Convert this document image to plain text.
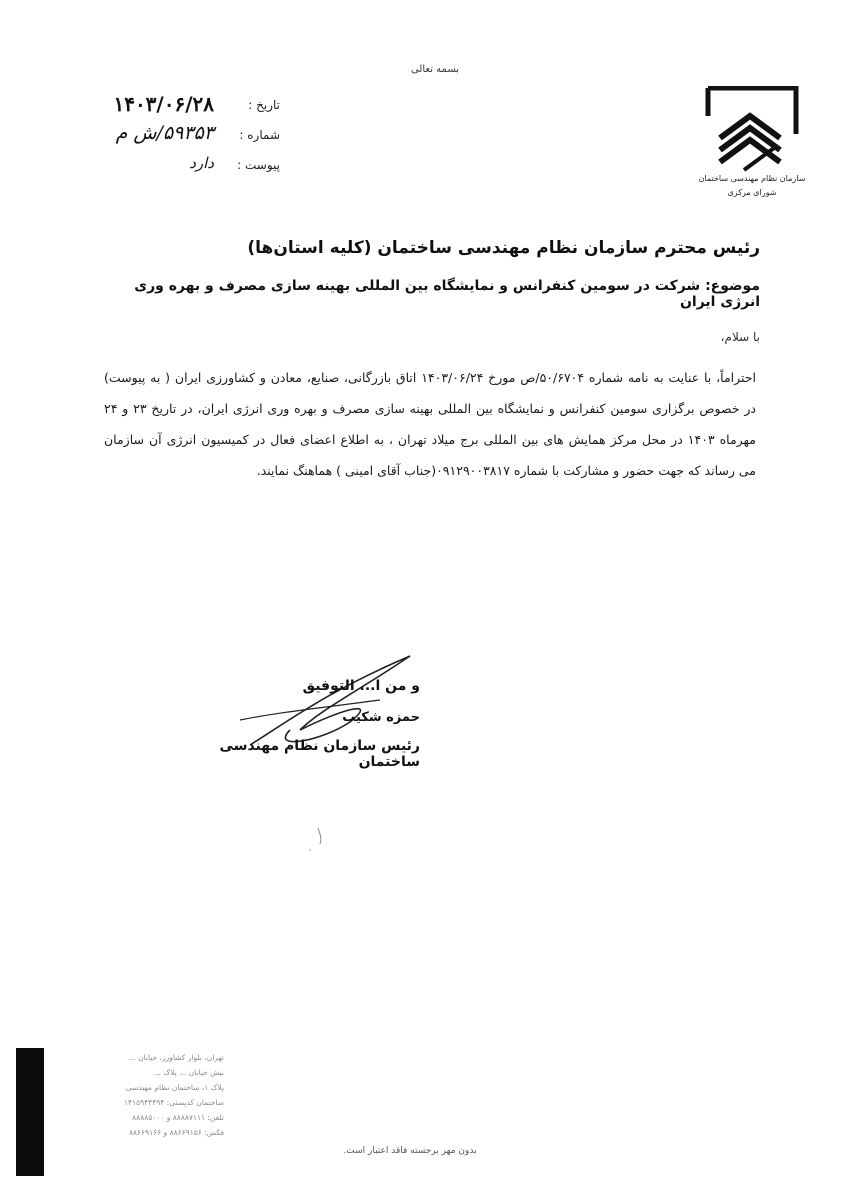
بسمه تعالی
سازمان نظام مهندسی ساختمان
شورای مرکزی
تاریخ :
۱۴۰۳/۰۶/۲۸
شماره :
۵۹۳۵۳/ش م
پیوست :
دارد
رئیس محترم سازمان نظام مهندسی ساختمان (کلیه استان‌ها)
موضوع: شرکت در سومین کنفرانس و نمایشگاه بین المللی بهینه سازی مصرف و بهره وری انرژی ایران
با سلام،
احتراماً، با عنایت به نامه شماره ۵۰/۶۷۰۴/ص مورخ ۱۴۰۳/۰۶/۲۴ اتاق بازرگانی، صنایع، معادن و کشاورزی ایران ( به پیوست) در خصوص برگزاری سومین کنفرانس و نمایشگاه بین المللی بهینه سازی مصرف و بهره وری انرژی ایران، در تاریخ ۲۳ و ۲۴ مهرماه ۱۴۰۳ در محل مرکز همایش های بین المللی برج میلاد تهران ، به اطلاع اعضای فعال در کمیسیون انرژی آن سازمان می رساند که جهت حضور و مشارکت با شماره ۰۹۱۲۹۰۰۳۸۱۷(جناب آقای امینی ) هماهنگ نمایند.
و من ا... التوفیق
حمزه شکیب
رئیس سازمان نظام مهندسی ساختمان
تهران، بلوار کشاورز، خیابان ...
نبش خیابان ... پلاک ...
پلاک ۱، ساختمان نظام مهندسی
ساختمان کدپستی: ۱۴۱۵۹۴۴۴۹۴
تلفن: ۸۸۸۸۷۱۱۱ و ۸۸۸۸۵۰۰۰
فکس: ۸۸۶۶۹۱۵۶ و ۸۸۶۶۹۱۶۶
بدون مهر برجسته فاقد اعتبار است.
